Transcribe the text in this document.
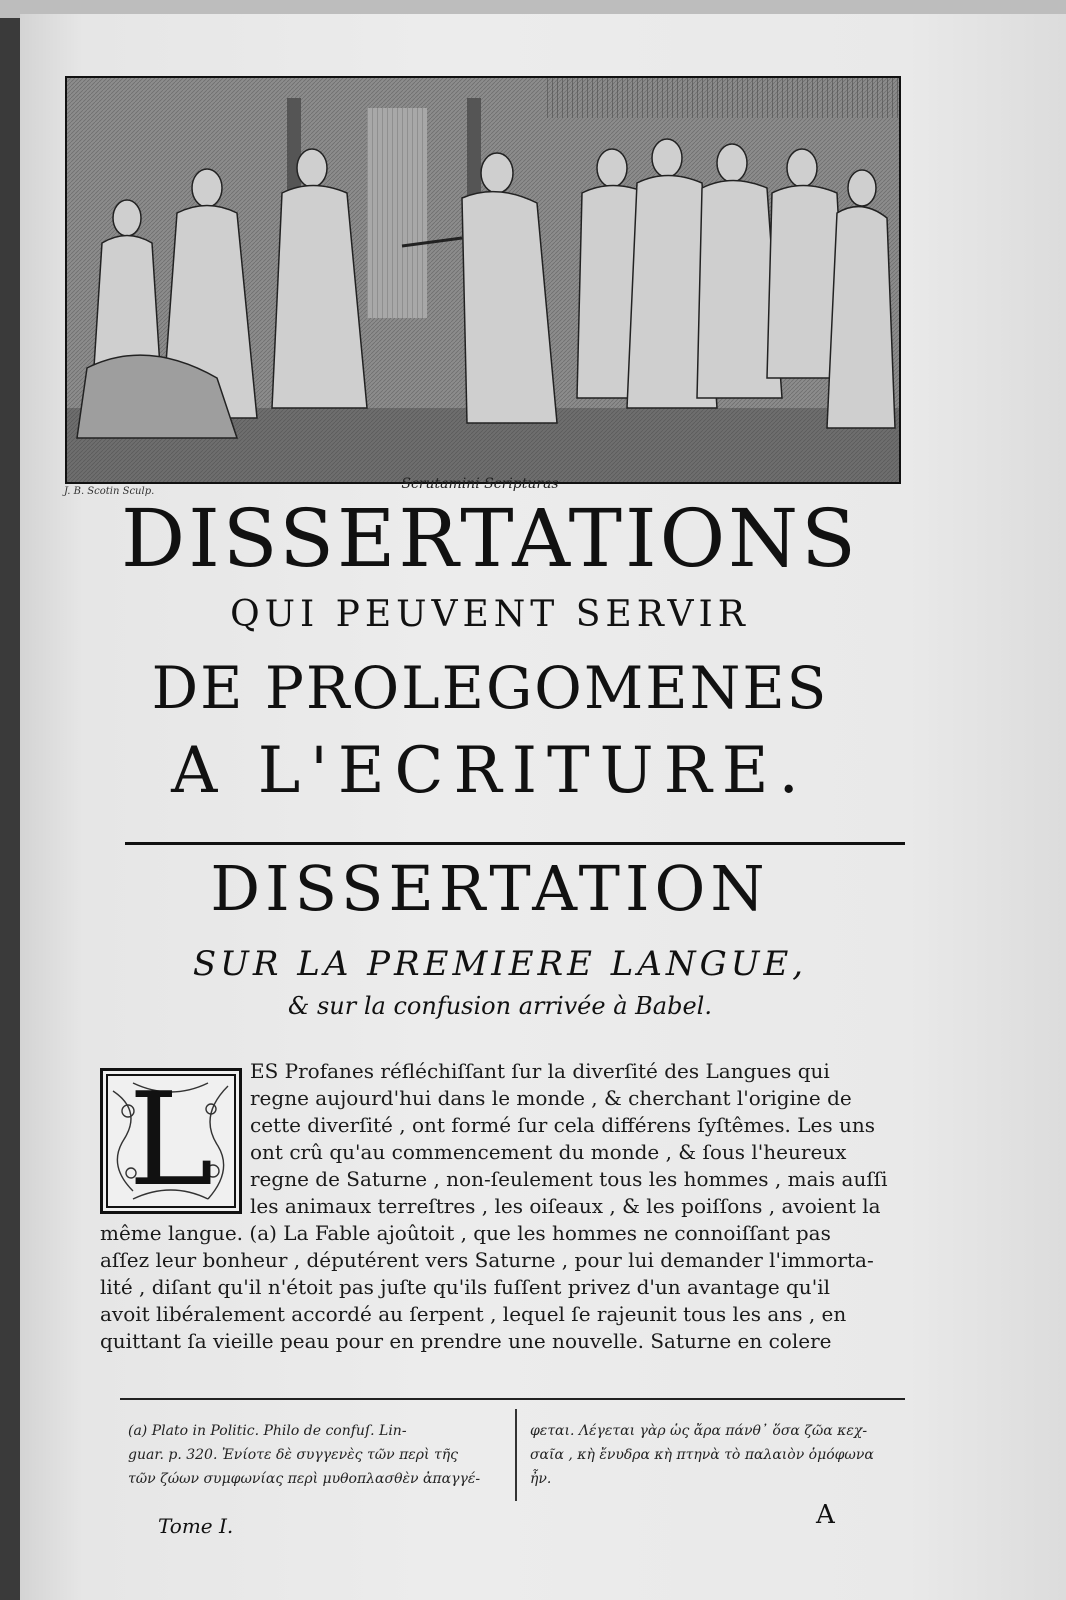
J. B. Scotin Sculp.	Scrutamini Scripturas
DISSERTATIONS
QUI PEUVENT SERVIR
DE PROLEGOMENES
A L'ECRITURE.
DISSERTATION
SUR LA PREMIERE LANGUE,
& sur la confusion arrivée à Babel.
L	ES Profanes réfléchiſſant ſur la diverſité des Langues qui
regne aujourd'hui dans le monde , & cherchant l'origine de
cette diverſité , ont formé ſur cela différens ſyſtêmes. Les uns
ont crû qu'au commencement du monde , & ſous l'heureux
regne de Saturne , non-ſeulement tous les hommes , mais auſſi
les animaux terreſtres , les oiſeaux , & les poiſſons , avoient la
même langue. (a) La Fable ajoûtoit , que les hommes ne connoiſſant pas
aſſez leur bonheur , députérent vers Saturne , pour lui demander l'immorta-
lité , diſant qu'il n'étoit pas juſte qu'ils fuſſent privez d'un avantage qu'il
avoit libéralement accordé au ſerpent , lequel ſe rajeunit tous les ans , en
quittant ſa vieille peau pour en prendre une nouvelle. Saturne en colere
(a) Plato in Politic. Philo de confuſ. Lin-
guar. p. 320. Ἐνίοτε δὲ συγγενὲς τῶν περὶ τῆς
τῶν ζώων συμφωνίας περὶ μυθοπλασθὲν ἀπαγγέ-
φεται. Λέγεται γὰρ ὡς ἄρα πάνθ᾽ ὅσα ζῶα κεχ-
σαῖα , κὴ ἔνυδρα κὴ πτηνὰ τὸ παλαιὸν ὁμόφωνα
ἦν.
Tome I.	A
